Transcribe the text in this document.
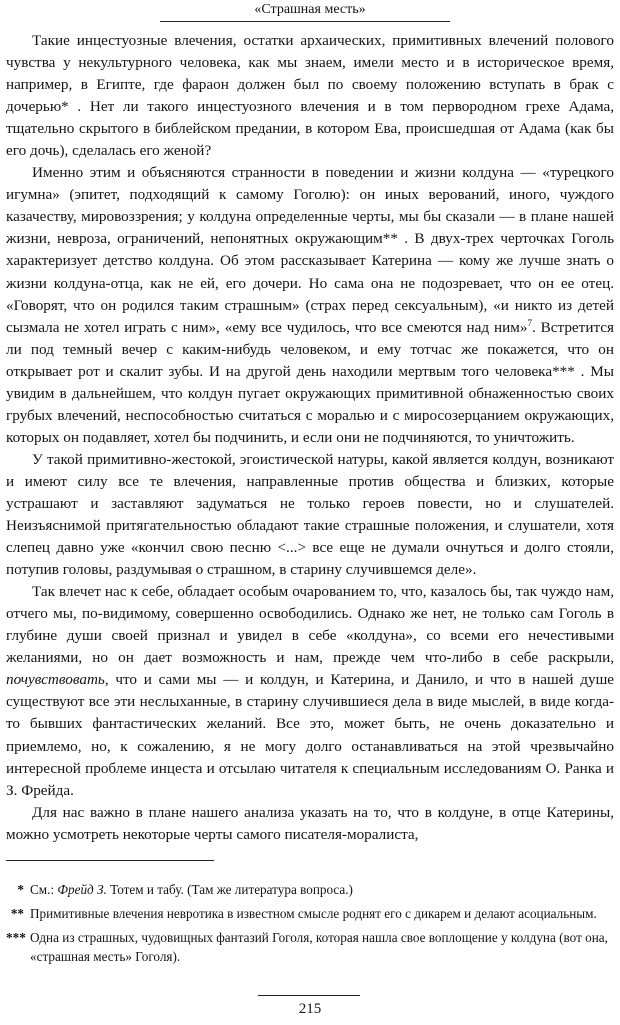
«Страшная месть»

Такие инцестуозные влечения, остатки архаических, примитивных влечений полового чувства у некультурного человека, как мы знаем, имели место и в историческое время, например, в Египте, где фараон должен был по своему положению вступать в брак с дочерью* . Нет ли такого инцестуозного влечения и в том первородном грехе Адама, тщательно скрытого в библейском предании, в котором Ева, происшедшая от Адама (как бы его дочь), сделалась его женой?

Именно этим и объясняются странности в поведении и жизни колдуна — «турецкого игумна» (эпитет, подходящий к самому Гоголю): он иных верований, иного, чуждого казачеству, мировоззрения; у колдуна определенные черты, мы бы сказали — в плане нашей жизни, невроза, ограничений, непонятных окружающим** . В двух-трех черточках Гоголь характеризует детство колдуна. Об этом рассказывает Катерина — кому же лучше знать о жизни колдуна-отца, как не ей, его дочери. Но сама она не подозревает, что он ее отец. «Говорят, что он родился таким страшным» (страх перед сексуальным), «и никто из детей сызмала не хотел играть с ним», «ему все чудилось, что все смеются над ним»$^7$. Встретится ли под темный вечер с каким-нибудь человеком, и ему тотчас же покажется, что он открывает рот и скалит зубы. И на другой день находили мертвым того человека*** . Мы увидим в дальнейшем, что колдун пугает окружающих примитивной обнаженностью своих грубых влечений, неспособностью считаться с моралью и с миросозерцанием окружающих, которых он подавляет, хотел бы подчинить, и если они не подчиняются, то уничтожить.

У такой примитивно-жестокой, эгоистической натуры, какой является колдун, возникают и имеют силу все те влечения, направленные против общества и близких, которые устрашают и заставляют задуматься не только героев повести, но и слушателей. Неизъяснимой притягательностью обладают такие страшные положения, и слушатели, хотя слепец давно уже «кончил свою песню <...> все еще не думали очнуться и долго стояли, потупив головы, раздумывая о страшном, в старину случившемся деле».

Так влечет нас к себе, обладает особым очарованием то, что, казалось бы, так чуждо нам, отчего мы, по-видимому, совершенно освободились. Однако же нет, не только сам Гоголь в глубине души своей признал и увидел в себе «колдуна», со всеми его нечестивыми желаниями, но он дает возможность и нам, прежде чем что-либо в себе раскрыли, почувствовать, что и сами мы — и колдун, и Катерина, и Данило, и что в нашей душе существуют все эти неслыханные, в старину случившиеся дела в виде мыслей, в виде когда-то бывших фантастических желаний. Все это, может быть, не очень доказательно и приемлемо, но, к сожалению, я не могу долго останавливаться на этой чрезвычайно интересной проблеме инцеста и отсылаю читателя к специальным исследованиям О. Ранка и З. Фрейда.

Для нас важно в плане нашего анализа указать на то, что в колдуне, в отце Катерины, можно усмотреть некоторые черты самого писателя-моралиста,

* См.: Фрейд З. Тотем и табу. (Там же литература вопроса.)
** Примитивные влечения невротика в известном смысле роднят его с дикарем и делают асоциальным.
*** Одна из страшных, чудовищных фантазий Гоголя, которая нашла свое воплощение у колдуна (вот она, «страшная месть» Гоголя).
215
